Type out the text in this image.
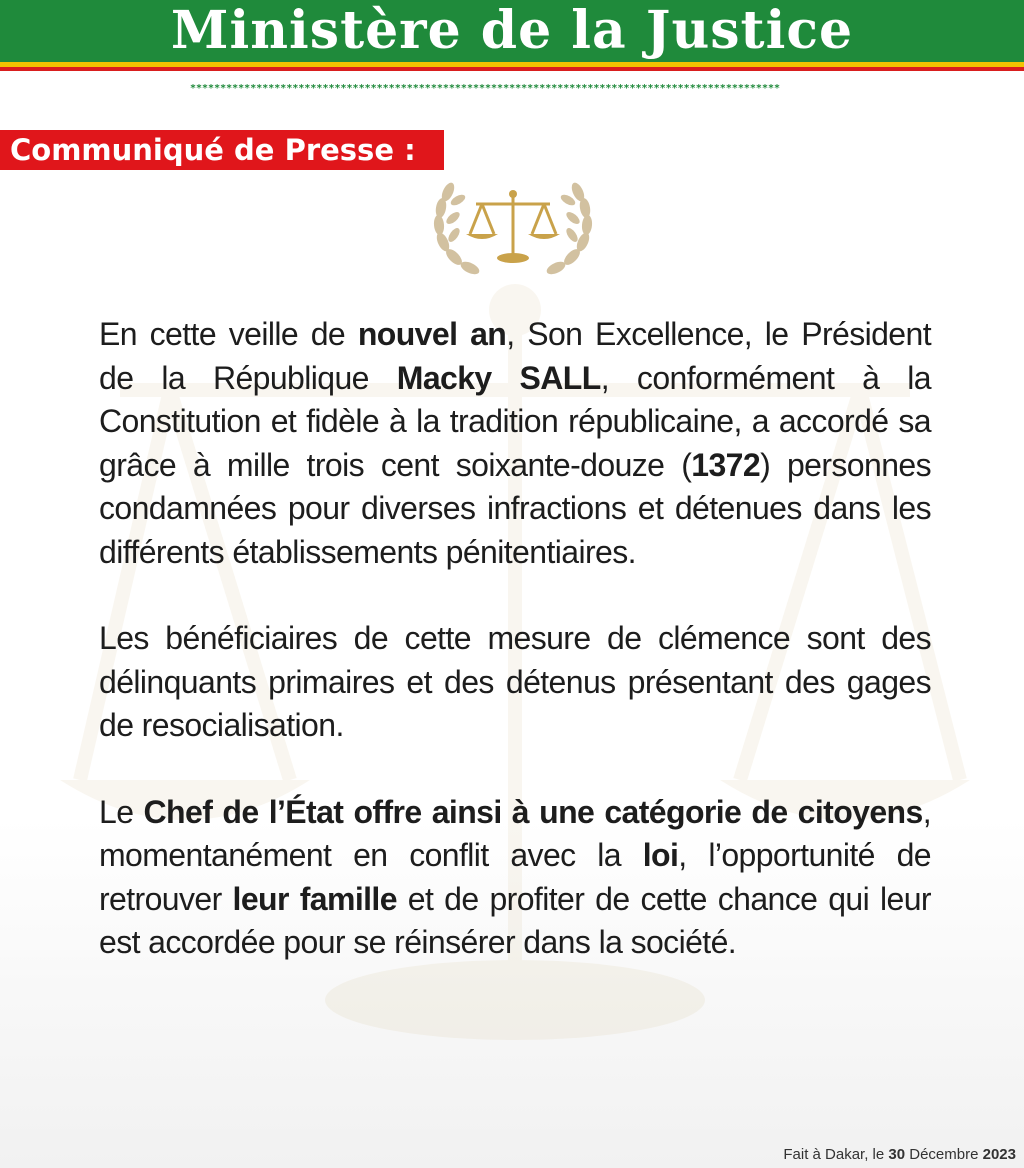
Ministère de la Justice
**************************************************************************************************
Communiqué de Presse :

En cette veille de nouvel an, Son Excellence, le Président de la République Macky SALL, conformément à la Constitution et fidèle à la tradition républicaine, a accordé sa grâce à mille trois cent soixante-douze (1372) personnes condamnées pour diverses infractions et détenues dans les différents établissements pénitentiaires.

Les bénéficiaires de cette mesure de clémence sont des délinquants primaires et des détenus présentant des gages de resocialisation.

Le Chef de l’État offre ainsi à une catégorie de citoyens, momentanément en conflit avec la loi, l’opportunité de retrouver leur famille et de profiter de cette chance qui leur est accordée pour se réinsérer dans la société.

Fait à Dakar, le 30 Décembre 2023
